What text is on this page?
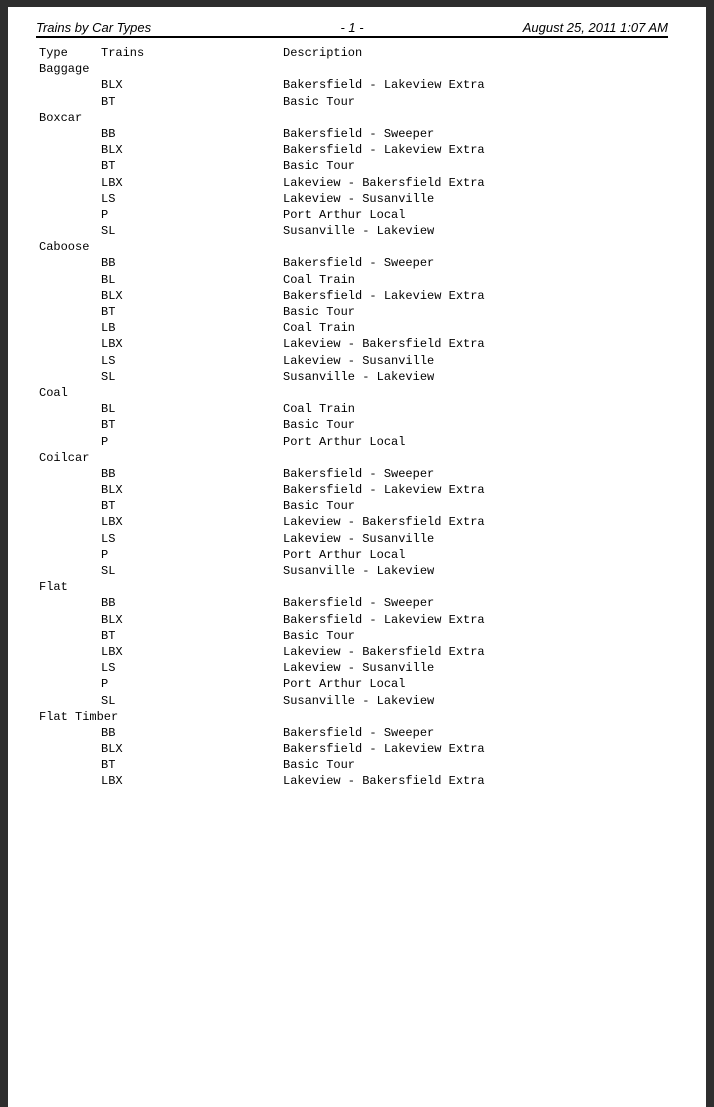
Trains by Car Types	- 1 -	August 25, 2011 1:07 AM
Type	Trains	Description
Baggage
BLX	Bakersfield - Lakeview Extra
BT	Basic Tour
Boxcar
BB	Bakersfield - Sweeper
BLX	Bakersfield - Lakeview Extra
BT	Basic Tour
LBX	Lakeview - Bakersfield Extra
LS	Lakeview - Susanville
P	Port Arthur Local
SL	Susanville - Lakeview
Caboose
BB	Bakersfield - Sweeper
BL	Coal Train
BLX	Bakersfield - Lakeview Extra
BT	Basic Tour
LB	Coal Train
LBX	Lakeview - Bakersfield Extra
LS	Lakeview - Susanville
SL	Susanville - Lakeview
Coal
BL	Coal Train
BT	Basic Tour
P	Port Arthur Local
Coilcar
BB	Bakersfield - Sweeper
BLX	Bakersfield - Lakeview Extra
BT	Basic Tour
LBX	Lakeview - Bakersfield Extra
LS	Lakeview - Susanville
P	Port Arthur Local
SL	Susanville - Lakeview
Flat
BB	Bakersfield - Sweeper
BLX	Bakersfield - Lakeview Extra
BT	Basic Tour
LBX	Lakeview - Bakersfield Extra
LS	Lakeview - Susanville
P	Port Arthur Local
SL	Susanville - Lakeview
Flat Timber
BB	Bakersfield - Sweeper
BLX	Bakersfield - Lakeview Extra
BT	Basic Tour
LBX	Lakeview - Bakersfield Extra
